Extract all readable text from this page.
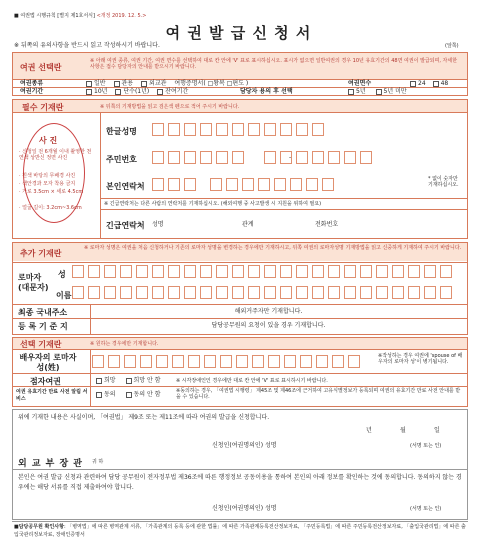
■ 여권법 시행규칙 [별지 제1호서식] <개정 2019. 12. 5.>
여 권 발 급 신 청 서
※ 뒤쪽의 유의사항을 반드시 읽고 작성하시기 바랍니다.	(앞쪽)
여권 선택란
※ 아래 여권 종류, 여권 기간, 여권 면수를 선택하여 대로 칸 안에 'V' 표로 표시하십시오. 표시가 없으면 일반여권의 경우 10년 유효기간의 48면 여권이 발급되며, 자세한 사항은 접수 담당자의 안내를 받으시기 바랍니다.
여권종류	일반	관용	외교관 여행증명서( □왕복 □편도 )	여권면수	24 48
여권기간	10년	단수(1년)	잔여기간	담당자 용의 후 선택	5년	5년 미만
필수 기재란	※ 뒤쪽의 기재방법을 읽고 검은색 펜으로 적어 주시기 바랍니다.
사 진
· 신청일 전 6개월 이내 촬영한 천연색 상반신 정면 사진
· 흰색 바탕의 무배경 사진
· 색안경과 모자 착용 금지
· 가로 3.5cm × 세로 4.5cm
· 얼굴 길이: 3.2cm~3.6cm
한글성명
주민번호	-
본인연락처
* 없이 숫자만 기재하십시오.
※ 긴급연락처는 다른 사람의 연락처를 기재하십시오. (해외여행 중 사고발생 시 지원을 위하여 필요)
긴급연락처 성명	관계	전화번호
추가 기재란
※ 로마자 성명은 여권을 처음 신청하거나 기존의 로마자 성명을 변경하는 경우에만 기재하시고, 뒤쪽 여권의 로마자성명 기재방법을 읽고 신중하게 기재하여 주시기 바랍니다.
로마자 (대문자)
성
이름
최종 국내주소	해외거주자만 기재합니다.
등 록 기 준 지	담당공무원의 요청이 있을 경우 기재합니다.
선택 기재란	※ 원하는 경우에만 기재합니다.
배우자의 로마자 성(姓)
※작성하는 경우 여권에 'spouse of 배우자의 로마자 성'이 병기됩니다.
점자여권	희망	희망 안 함	※ 시각장애인인 경우에만 대로 칸 안에 'V' 표로 표시하시기 바랍니다.
여권 유효기간 만료 사전 알림 서비스
동의	동의 안 함	※동의하는 경우, 「여권법 시행령」 제45조 및 제46조에 근거하여 고유식별정보가 등록되며 여권의 유효기간 만료 사전 안내를 받을 수 있습니다.
위에 기재한 내용은 사실이며, 「여권법」 제9조 또는 제11조에 따라 여권의 발급을 신청합니다.
년	월	일
신청인(여권명의인) 성명	(서명 또는 인)
외 교 부 장 관 귀 하
본인은 여권 발급 신청과 관련하여 담당 공무원이 전자정부법 제36조에 따른 행정정보 공동이용을 통하여 본인의 아래 정보를 확인하는 것에 동의합니다. 동의하지 않는 경우에는 해당 서류를 직접 제출하여야 합니다.
신청인(여권명의인) 성명	(서명 또는 인)
■담당공무원 확인사항: 「병역법」에 따른 병역관계 서류, 「가족관계의 등록 등에 관한 법률」에 따른 가족관계등록전산정보자료, 「주민등록법」에 따른 주민등록전산정보자료, 「출입국관리법」에 따른 출입국관리정보자료, 장애인증명서
